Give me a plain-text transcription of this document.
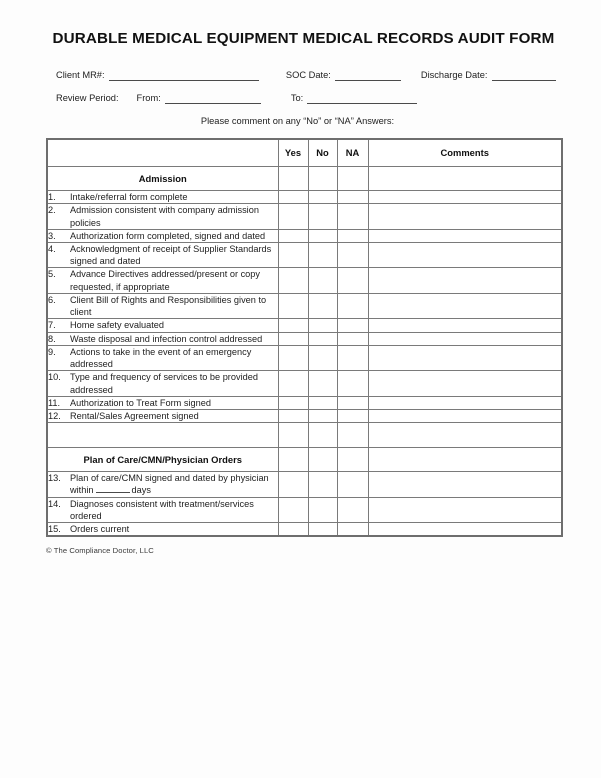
DURABLE MEDICAL EQUIPMENT MEDICAL RECORDS AUDIT FORM
Client MR#:	SOC Date:	Discharge Date:
Review Period:	From:	To:
Please comment on any “No” or “NA” Answers:
	Yes	No	NA	Comments
Admission				

1. Intake/referral form complete				

2. Admission consistent with company admission policies				

3. Authorization form completed, signed and dated				

4. Acknowledgment of receipt of Supplier Standards signed and dated				

5. Advance Directives addressed/present or copy requested, if appropriate				

6. Client Bill of Rights and Responsibilities given to client				

7. Home safety evaluated				

8. Waste disposal and infection control addressed				

9. Actions to take in the event of an emergency addressed				

10. Type and frequency of services to be provided addressed				

11. Authorization to Treat Form signed				

12. Rental/Sales Agreement signed				

Plan of Care/CMN/Physician Orders				

13. Plan of care/CMN signed and dated by physician within days				

14. Diagnoses consistent with treatment/services ordered				

15. Orders current				

© The Compliance Doctor, LLC
